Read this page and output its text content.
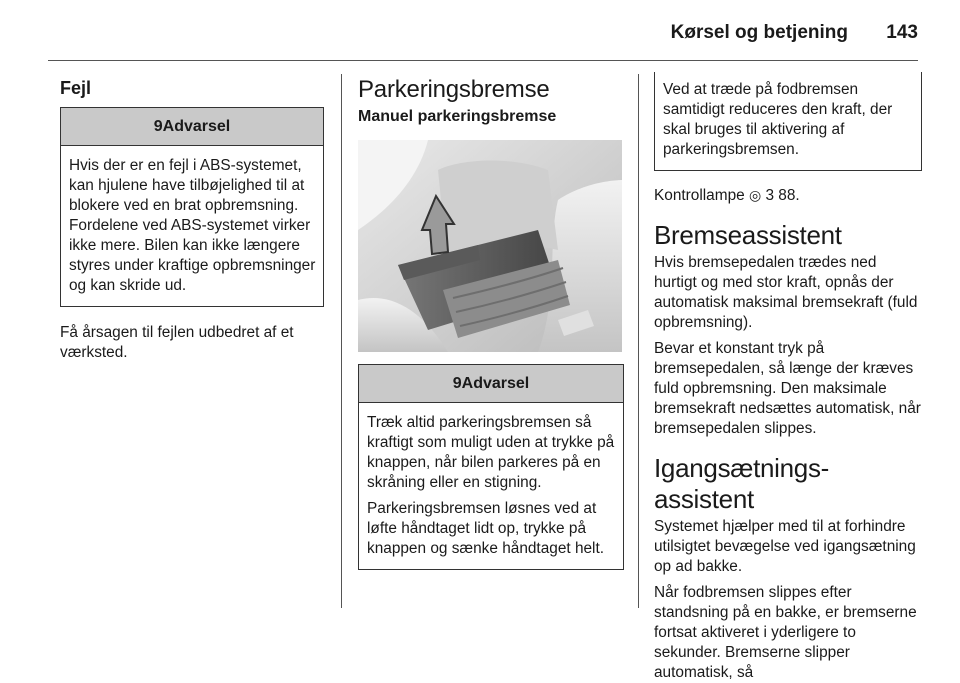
Kørsel og betjening 143
Fejl
9Advarsel

Hvis der er en fejl i ABS-systemet, kan hjulene have tilbøjelighed til at blokere ved en brat opbremsning. Fordelene ved ABS-systemet virker ikke mere. Bilen kan ikke længere styres under kraftige opbremsninger og kan skride ud.

Få årsagen til fejlen udbedret af et værksted.

Parkeringsbremse
Manuel parkeringsbremse
9Advarsel

Træk altid parkeringsbremsen så kraftigt som muligt uden at trykke på knappen, når bilen parkeres på en skråning eller en stigning.

Parkeringsbremsen løsnes ved at løfte håndtaget lidt op, trykke på knappen og sænke håndtaget helt.

Ved at træde på fodbremsen samtidigt reduceres den kraft, der skal bruges til aktivering af parkeringsbremsen.

Kontrollampe ◎ 3 88.

Bremseassistent

Hvis bremsepedalen trædes ned hurtigt og med stor kraft, opnås der automatisk maksimal bremsekraft (fuld opbremsning).

Bevar et konstant tryk på bremsepedalen, så længe der kræves fuld opbremsning. Den maksimale bremsekraft nedsættes automatisk, når bremsepedalen slippes.

Igangsætnings-assistent

Systemet hjælper med til at forhindre utilsigtet bevægelse ved igangsætning op ad bakke.

Når fodbremsen slippes efter standsning på en bakke, er bremserne fortsat aktiveret i yderligere to sekunder. Bremserne slipper automatisk, så
